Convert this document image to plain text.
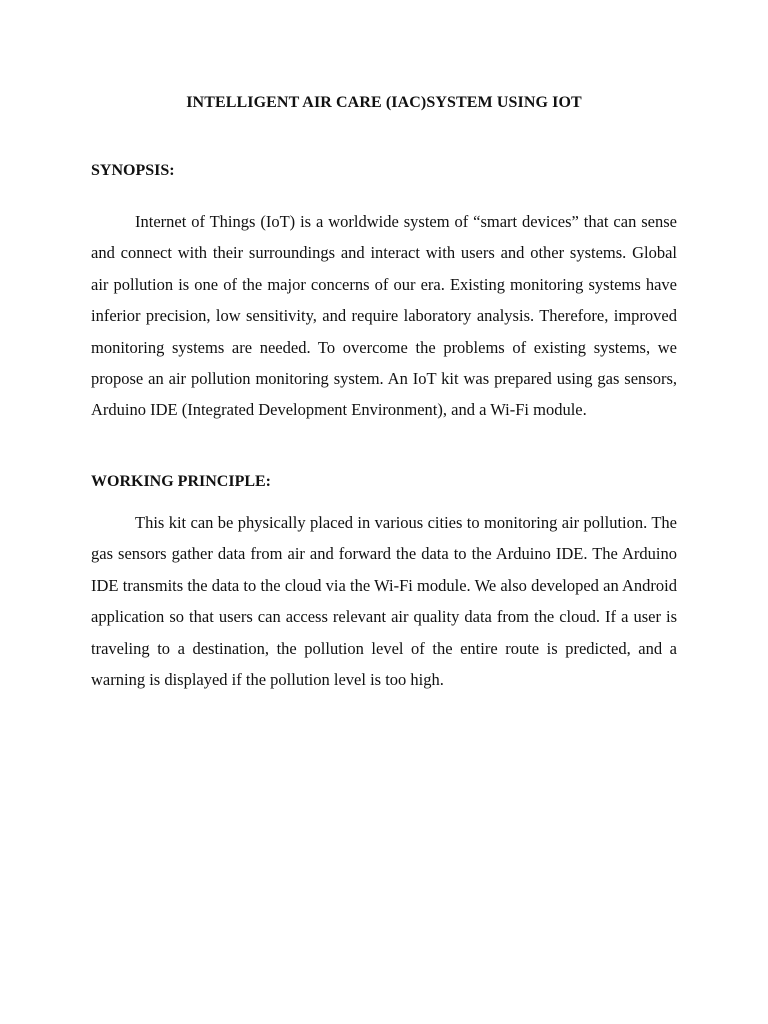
INTELLIGENT AIR CARE (IAC)SYSTEM USING IOT
SYNOPSIS:

Internet of Things (IoT) is a worldwide system of “smart devices” that can sense and connect with their surroundings and interact with users and other systems. Global air pollution is one of the major concerns of our era. Existing monitoring systems have inferior precision, low sensitivity, and require laboratory analysis. Therefore, improved monitoring systems are needed. To overcome the problems of existing systems, we propose an air pollution monitoring system. An IoT kit was prepared using gas sensors, Arduino IDE (Integrated Development Environment), and a Wi-Fi module.

WORKING PRINCIPLE:

This kit can be physically placed in various cities to monitoring air pollution. The gas sensors gather data from air and forward the data to the Arduino IDE. The Arduino IDE transmits the data to the cloud via the Wi-Fi module. We also developed an Android application so that users can access relevant air quality data from the cloud. If a user is traveling to a destination, the pollution level of the entire route is predicted, and a warning is displayed if the pollution level is too high.
